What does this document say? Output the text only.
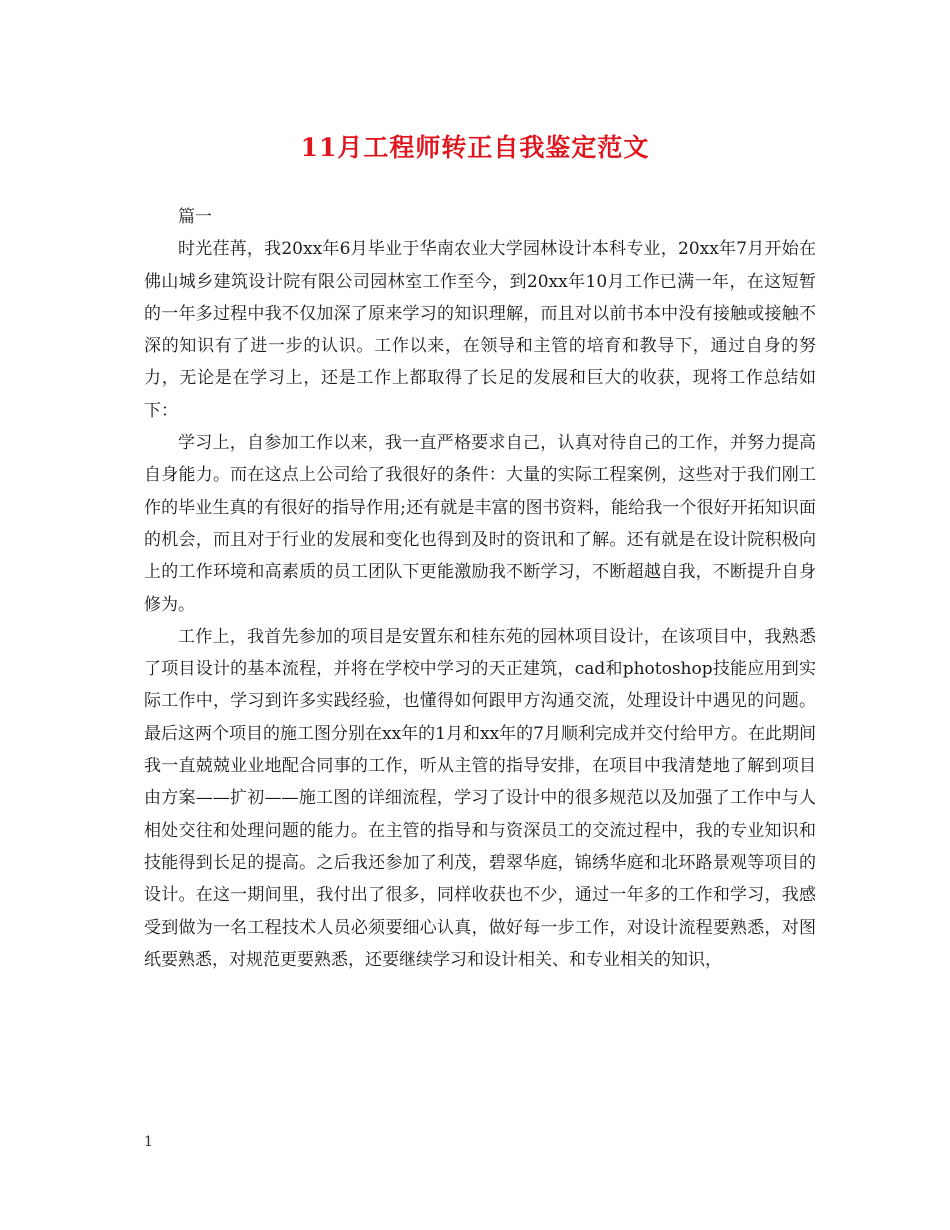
11月工程师转正自我鉴定范文

篇一

时光荏苒，我20xx年6月毕业于华南农业大学园林设计本科专业，20xx年7月开始在佛山城乡建筑设计院有限公司园林室工作至今，到20xx年10月工作已满一年，在这短暂的一年多过程中我不仅加深了原来学习的知识理解，而且对以前书本中没有接触或接触不深的知识有了进一步的认识。工作以来，在领导和主管的培育和教导下，通过自身的努力，无论是在学习上，还是工作上都取得了长足的发展和巨大的收获，现将工作总结如下：

学习上，自参加工作以来，我一直严格要求自己，认真对待自己的工作，并努力提高自身能力。而在这点上公司给了我很好的条件：大量的实际工程案例，这些对于我们刚工作的毕业生真的有很好的指导作用;还有就是丰富的图书资料，能给我一个很好开拓知识面的机会，而且对于行业的发展和变化也得到及时的资讯和了解。还有就是在设计院积极向上的工作环境和高素质的员工团队下更能激励我不断学习，不断超越自我，不断提升自身修为。

工作上，我首先参加的项目是安置东和桂东苑的园林项目设计，在该项目中，我熟悉了项目设计的基本流程，并将在学校中学习的天正建筑，cad和photoshop技能应用到实际工作中，学习到许多实践经验，也懂得如何跟甲方沟通交流，处理设计中遇见的问题。最后这两个项目的施工图分别在xx年的1月和xx年的7月顺利完成并交付给甲方。在此期间我一直兢兢业业地配合同事的工作，听从主管的指导安排，在项目中我清楚地了解到项目由方案——扩初——施工图的详细流程，学习了设计中的很多规范以及加强了工作中与人相处交往和处理问题的能力。在主管的指导和与资深员工的交流过程中，我的专业知识和技能得到长足的提高。之后我还参加了利茂，碧翠华庭，锦绣华庭和北环路景观等项目的设计。在这一期间里，我付出了很多，同样收获也不少，通过一年多的工作和学习，我感受到做为一名工程技术人员必须要细心认真，做好每一步工作，对设计流程要熟悉，对图纸要熟悉，对规范更要熟悉，还要继续学习和设计相关、和专业相关的知识，

1
